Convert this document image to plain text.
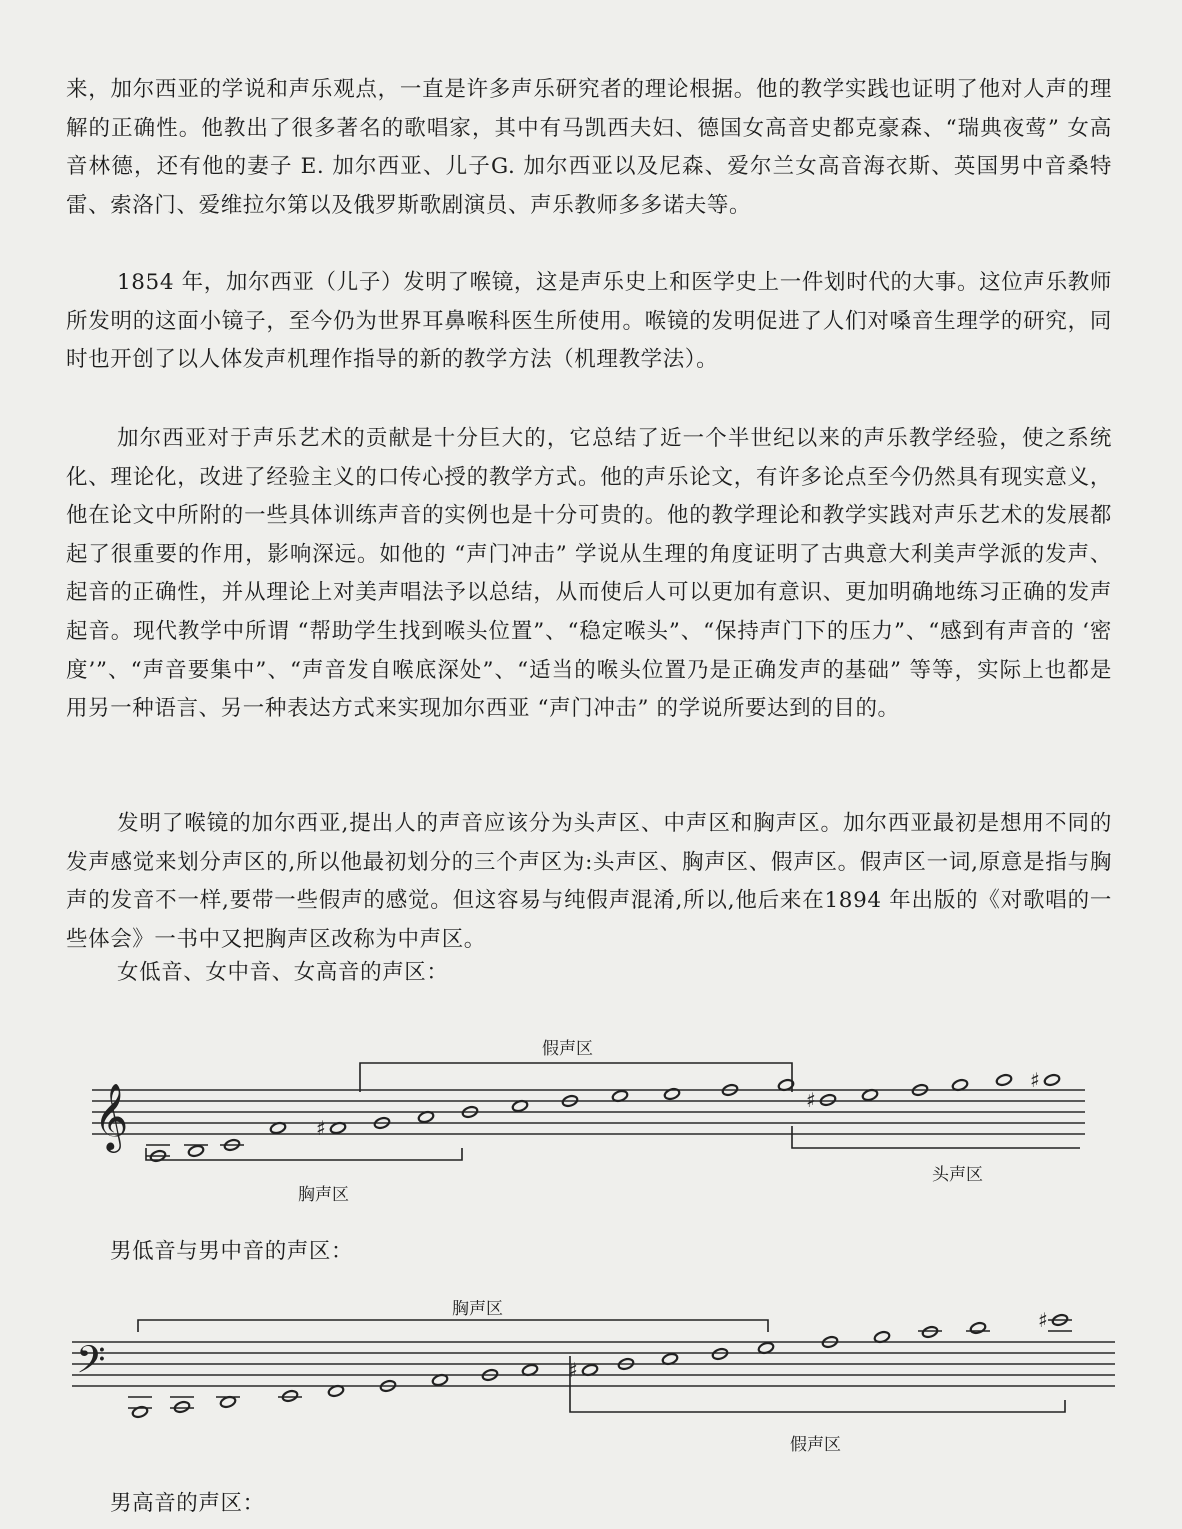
来，加尔西亚的学说和声乐观点，一直是许多声乐研究者的理论根据。他的教学实践也证明了他对人声的理解的正确性。他教出了很多著名的歌唱家，其中有马凯西夫妇、德国女高音史都克豪森、“瑞典夜莺” 女高音林德，还有他的妻子 E. 加尔西亚、儿子G. 加尔西亚以及尼森、爱尔兰女高音海衣斯、英国男中音桑特雷、索洛门、爱维拉尔第以及俄罗斯歌剧演员、声乐教师多多诺夫等。

1854 年，加尔西亚（儿子）发明了喉镜，这是声乐史上和医学史上一件划时代的大事。这位声乐教师所发明的这面小镜子，至今仍为世界耳鼻喉科医生所使用。喉镜的发明促进了人们对嗓音生理学的研究，同时也开创了以人体发声机理作指导的新的教学方法（机理教学法）。

加尔西亚对于声乐艺术的贡献是十分巨大的，它总结了近一个半世纪以来的声乐教学经验，使之系统化、理论化，改进了经验主义的口传心授的教学方式。他的声乐论文，有许多论点至今仍然具有现实意义，他在论文中所附的一些具体训练声音的实例也是十分可贵的。他的教学理论和教学实践对声乐艺术的发展都起了很重要的作用，影响深远。如他的 “声门冲击” 学说从生理的角度证明了古典意大利美声学派的发声、起音的正确性，并从理论上对美声唱法予以总结，从而使后人可以更加有意识、更加明确地练习正确的发声起音。现代教学中所谓 “帮助学生找到喉头位置”、“稳定喉头”、“保持声门下的压力”、“感到有声音的 ‘密度’”、“声音要集中”、“声音发自喉底深处”、“适当的喉头位置乃是正确发声的基础” 等等，实际上也都是用另一种语言、另一种表达方式来实现加尔西亚 “声门冲击” 的学说所要达到的目的。

发明了喉镜的加尔西亚,提出人的声音应该分为头声区、中声区和胸声区。加尔西亚最初是想用不同的发声感觉来划分声区的,所以他最初划分的三个声区为:头声区、胸声区、假声区。假声区一词,原意是指与胸声的发音不一样,要带一些假声的感觉。但这容易与纯假声混淆,所以,他后来在1894 年出版的《对歌唱的一些体会》一书中又把胸声区改称为中声区。

女低音、女中音、女高音的声区：

𝄞	♯
♯
♯
假声区
胸声区
头声区

男低音与男中音的声区：

𝄢	♯
♯
胸声区
假声区

男高音的声区：
